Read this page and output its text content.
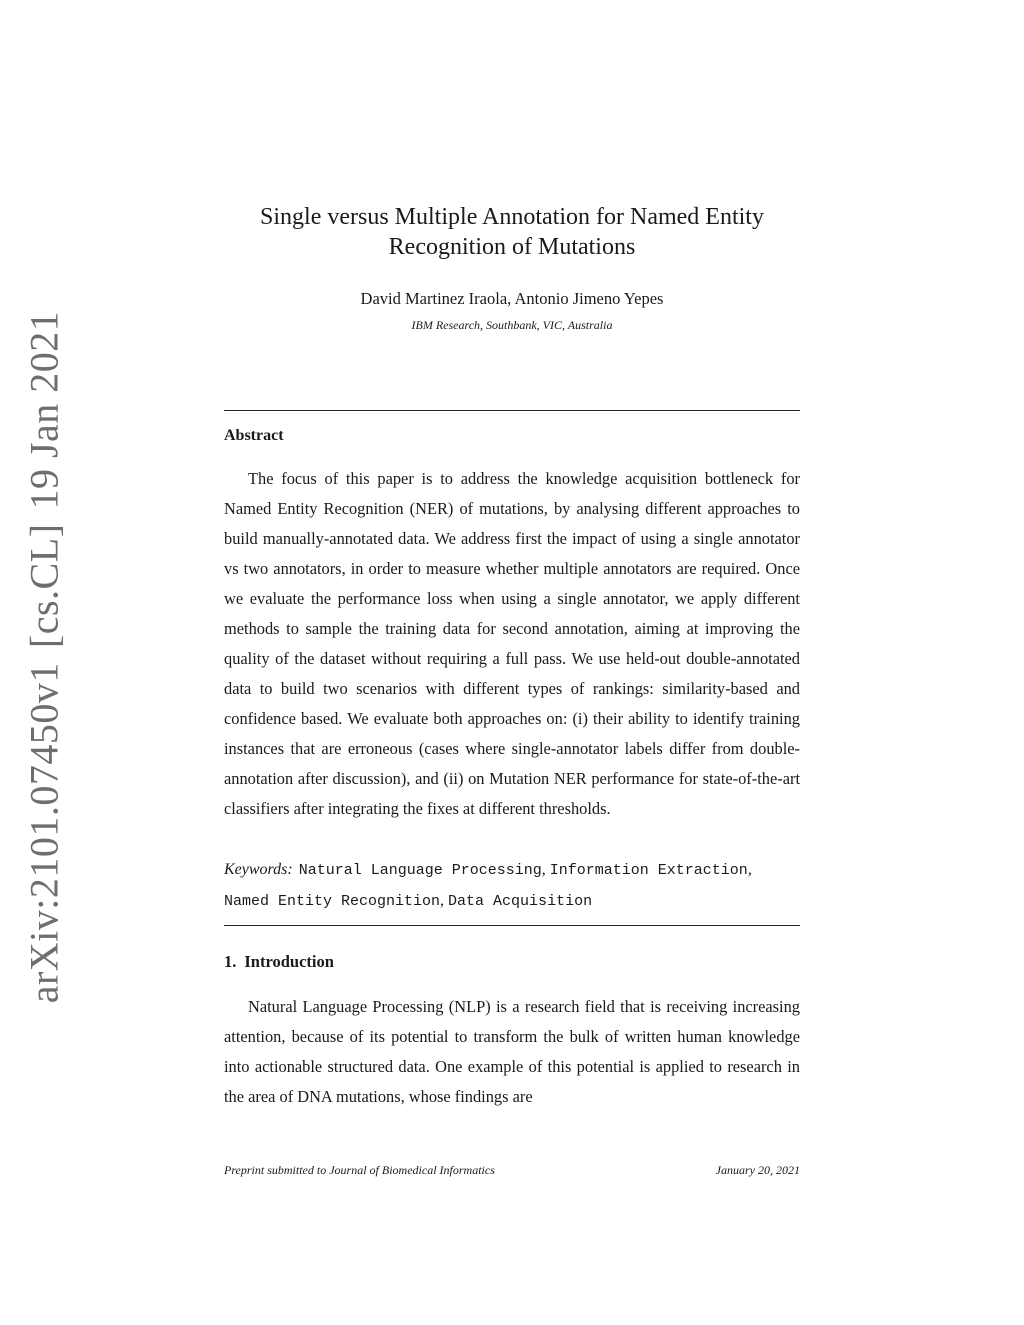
arXiv:2101.07450v1[cs.CL]19 Jan 2021
Single versus Multiple Annotation for Named Entity
Recognition of Mutations
David Martinez Iraola, Antonio Jimeno Yepes
IBM Research, Southbank, VIC, Australia
Abstract
The focus of this paper is to address the knowledge acquisition bottleneck for Named Entity Recognition (NER) of mutations, by analysing different approaches to build manually-annotated data. We address first the impact of using a single annotator vs two annotators, in order to measure whether multiple annotators are required. Once we evaluate the performance loss when using a single annotator, we apply different methods to sample the training data for second annotation, aiming at improving the quality of the dataset without requiring a full pass. We use held-out double-annotated data to build two scenarios with different types of rankings: similarity-based and confidence based. We evaluate both approaches on: (i) their ability to identify training instances that are erroneous (cases where single-annotator labels differ from double-annotation after discussion), and (ii) on Mutation NER performance for state-of-the-art classifiers after integrating the fixes at different thresholds.
Keywords: Natural Language Processing, Information Extraction,
Named Entity Recognition, Data Acquisition
1. Introduction
Natural Language Processing (NLP) is a research field that is receiving increasing attention, because of its potential to transform the bulk of written human knowledge into actionable structured data. One example of this potential is applied to research in the area of DNA mutations, whose findings are
Preprint submitted to Journal of Biomedical Informatics	January 20, 2021
